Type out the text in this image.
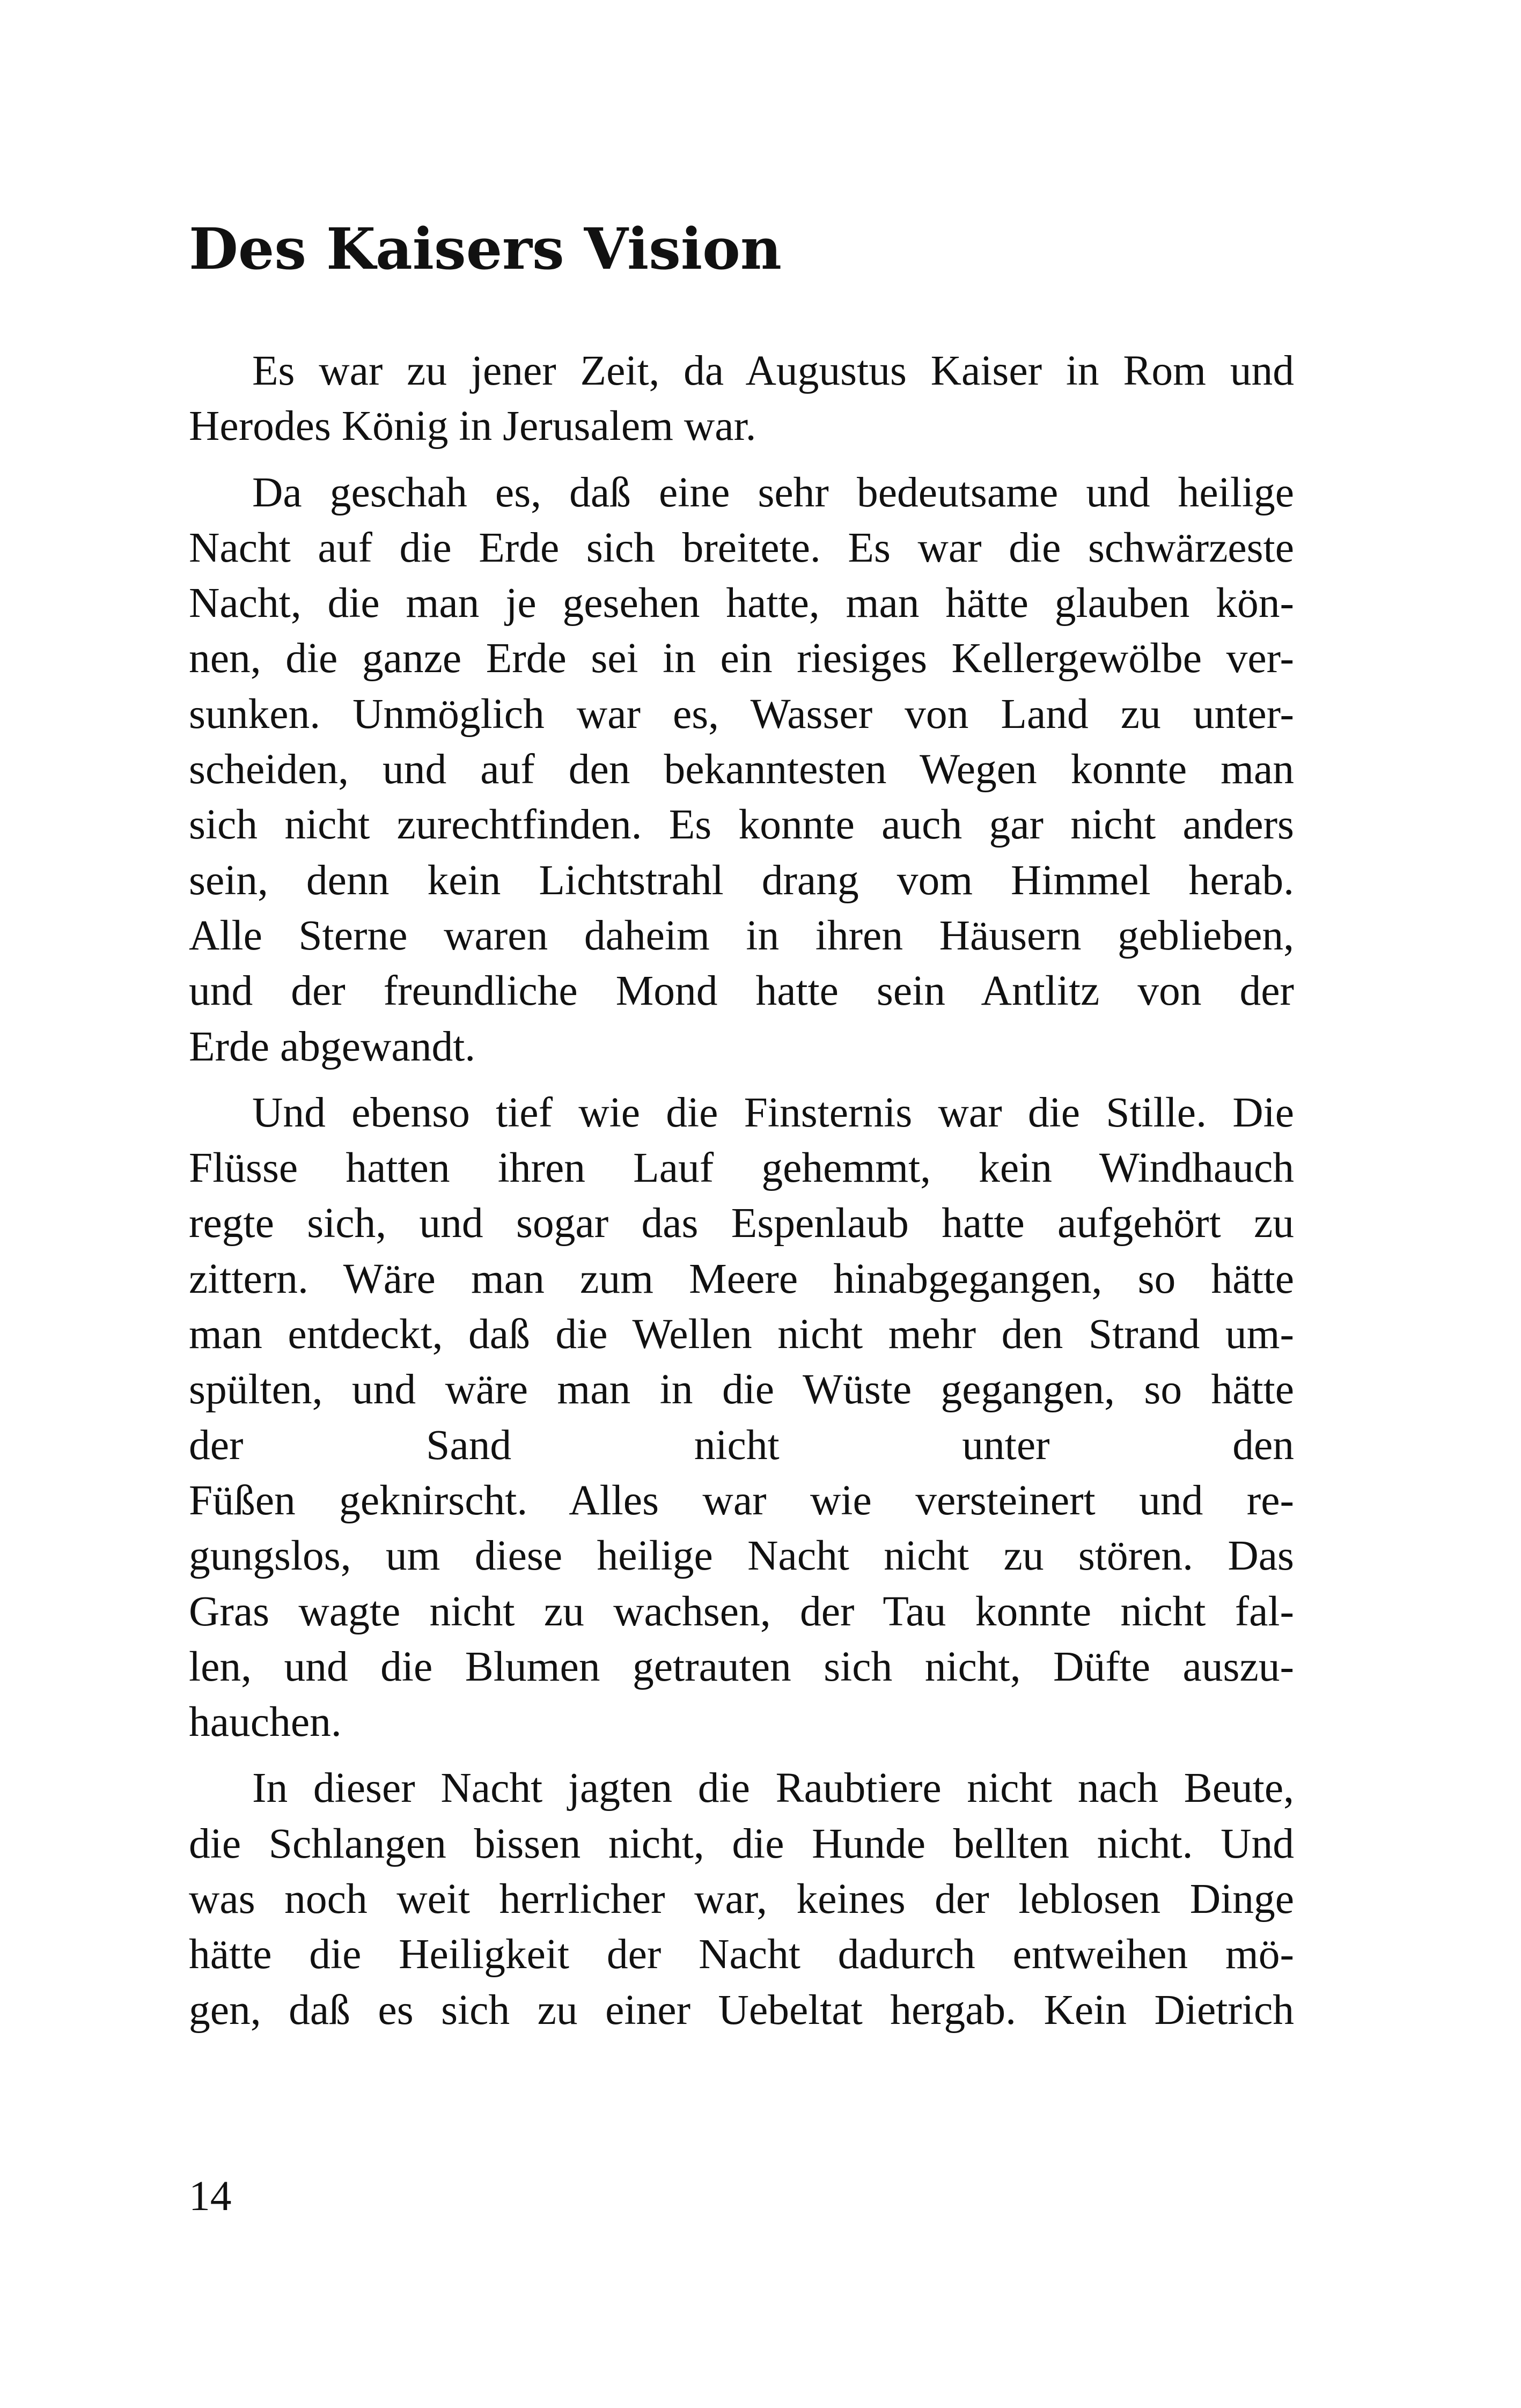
Des Kaisers Vision

Es war zu jener Zeit, da Augustus Kaiser in Rom und
Herodes König in Jerusalem war.

Da geschah es, daß eine sehr bedeutsame und heilige
Nacht auf die Erde sich breitete. Es war die schwärzeste
Nacht, die man je gesehen hatte, man hätte glauben kön-
nen, die ganze Erde sei in ein riesiges Kellergewölbe ver-
sunken. Unmöglich war es, Wasser von Land zu unter-
scheiden, und auf den bekanntesten Wegen konnte man
sich nicht zurechtfinden. Es konnte auch gar nicht anders
sein, denn kein Lichtstrahl drang vom Himmel herab.
Alle Sterne waren daheim in ihren Häusern geblieben,
und der freundliche Mond hatte sein Antlitz von der
Erde abgewandt.

Und ebenso tief wie die Finsternis war die Stille. Die
Flüsse hatten ihren Lauf gehemmt, kein Windhauch
regte sich, und sogar das Espenlaub hatte aufgehört zu
zittern. Wäre man zum Meere hinabgegangen, so hätte
man entdeckt, daß die Wellen nicht mehr den Strand um-
spülten, und wäre man in die Wüste gegangen, so hätte
der Sand nicht unter den
Füßen geknirscht. Alles war wie versteinert und re-
gungslos, um diese heilige Nacht nicht zu stören. Das
Gras wagte nicht zu wachsen, der Tau konnte nicht fal-
len, und die Blumen getrauten sich nicht, Düfte auszu-
hauchen.

In dieser Nacht jagten die Raubtiere nicht nach Beute,
die Schlangen bissen nicht, die Hunde bellten nicht. Und
was noch weit herrlicher war, keines der leblosen Dinge
hätte die Heiligkeit der Nacht dadurch entweihen mö-
gen, daß es sich zu einer Uebeltat hergab. Kein Dietrich

14
